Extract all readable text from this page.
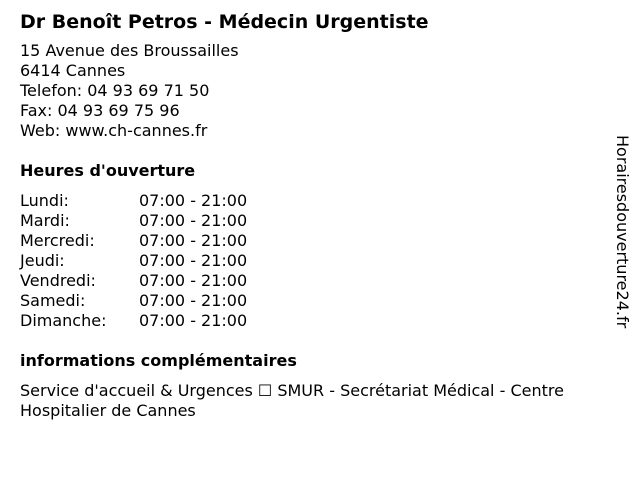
Dr Benoît Petros - Médecin Urgentiste
15 Avenue des Broussailles
6414 Cannes
Telefon: 04 93 69 71 50
Fax: 04 93 69 75 96
Web: www.ch-cannes.fr
Heures d'ouverture
Lundi:	07:00 - 21:00
Mardi:	07:00 - 21:00
Mercredi:	07:00 - 21:00
Jeudi:	07:00 - 21:00
Vendredi:	07:00 - 21:00
Samedi:	07:00 - 21:00
Dimanche: 07:00 - 21:00
informations complémentaires
Service d'accueil & Urgences ☐ SMUR - Secrétariat Médical - Centre Hospitalier de Cannes
Horairesdouverture24.fr
